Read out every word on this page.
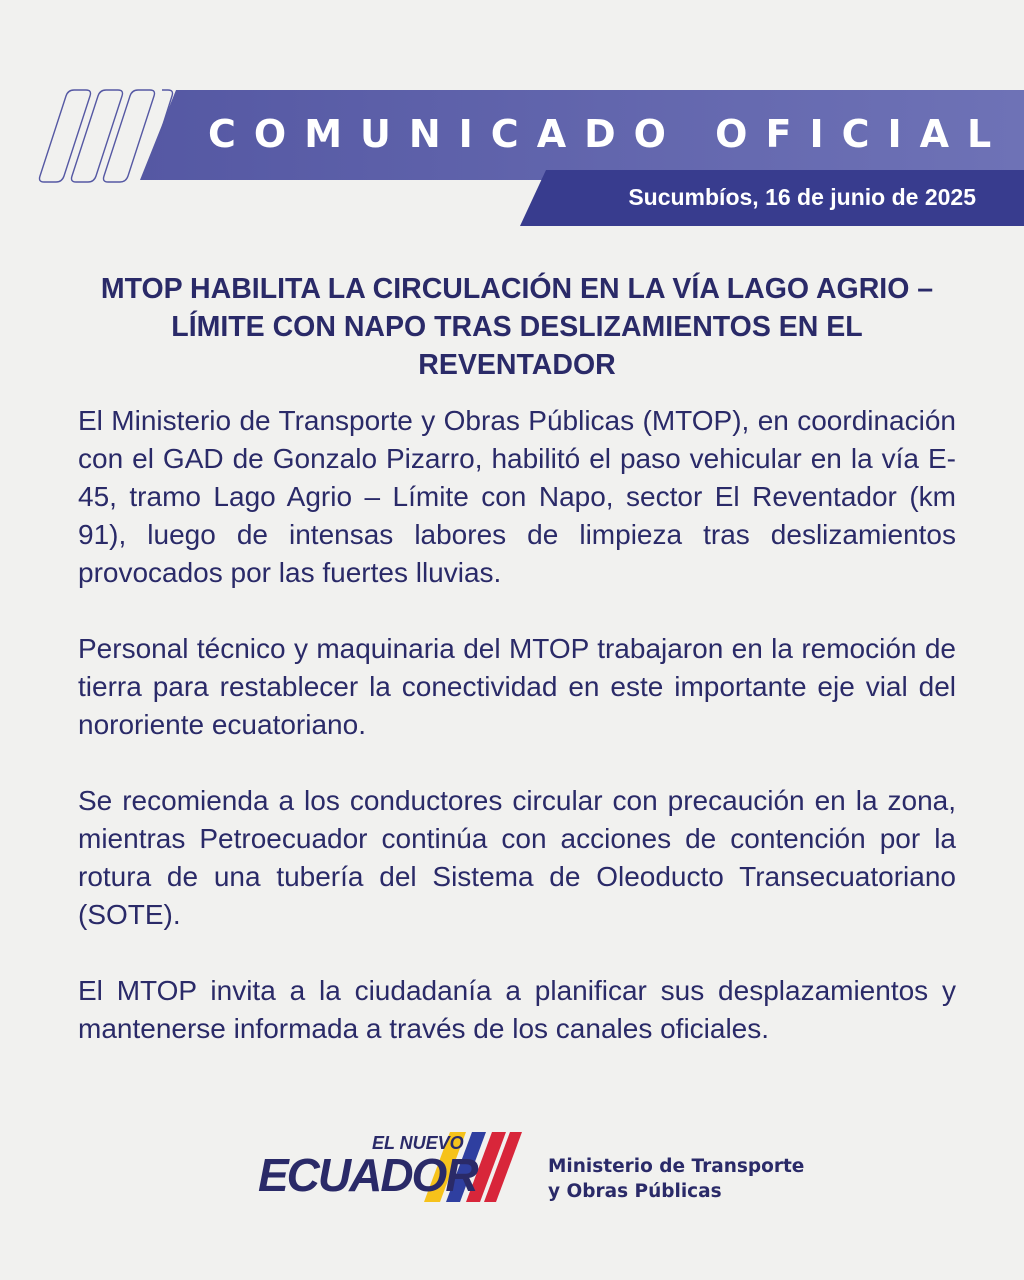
COMUNICADO OFICIAL
Sucumbíos, 16 de junio de 2025
MTOP HABILITA LA CIRCULACIÓN EN LA VÍA LAGO AGRIO – LÍMITE CON NAPO TRAS DESLIZAMIENTOS EN EL REVENTADOR

El Ministerio de Transporte y Obras Públicas (MTOP), en coordinación con el GAD de Gonzalo Pizarro, habilitó el paso vehicular en la vía E-45, tramo Lago Agrio – Límite con Napo, sector El Reventador (km 91), luego de intensas labores de limpieza tras deslizamientos provocados por las fuertes lluvias.

Personal técnico y maquinaria del MTOP trabajaron en la remoción de tierra para restablecer la conectividad en este importante eje vial del nororiente ecuatoriano.

Se recomienda a los conductores circular con precaución en la zona, mientras Petroecuador continúa con acciones de contención por la rotura de una tubería del Sistema de Oleoducto Transecuatoriano (SOTE).

El MTOP invita a la ciudadanía a planificar sus desplazamientos y mantenerse informada a través de los canales oficiales.

EL NUEVO
ECUADOR	Ministerio de Transporte
y Obras Públicas
